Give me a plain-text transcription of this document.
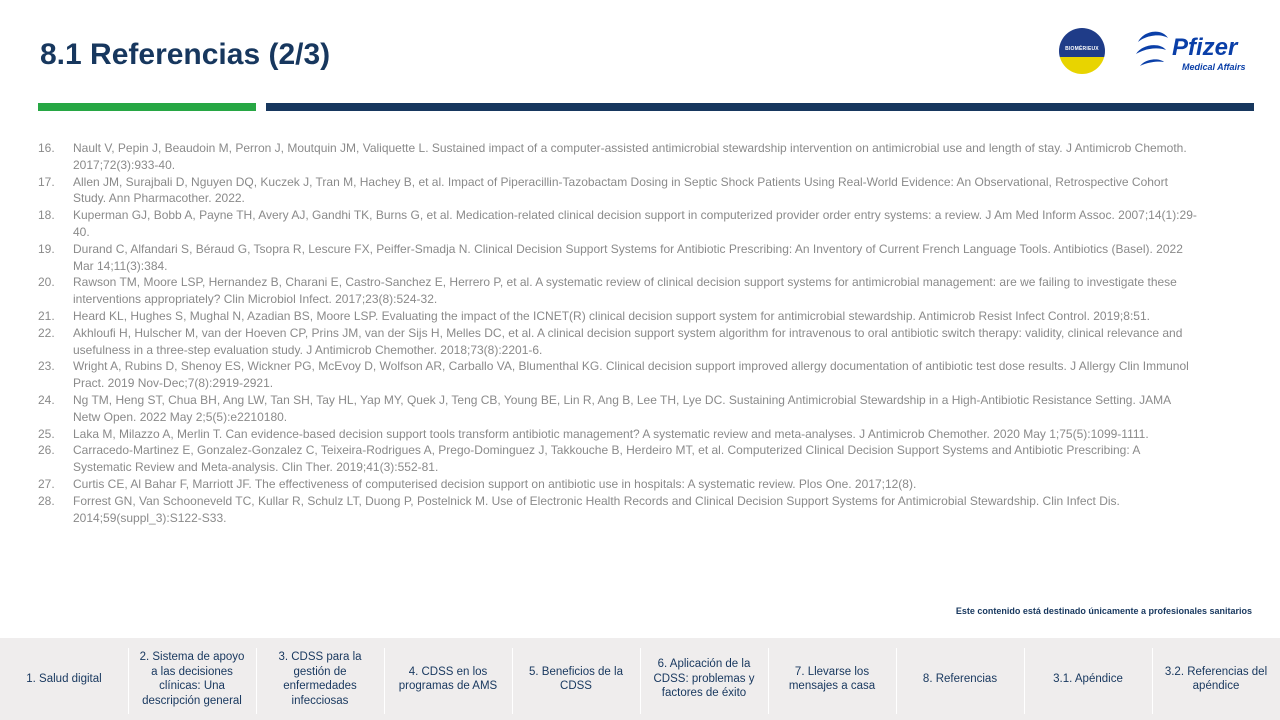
8.1 Referencias (2/3)	BIOMÉRIEUX	Pfizer
Medical Affairs
16.	Nault V, Pepin J, Beaudoin M, Perron J, Moutquin JM, Valiquette L. Sustained impact of a computer-assisted antimicrobial stewardship intervention on antimicrobial use and length of stay. J Antimicrob Chemoth. 2017;72(3):933-40.
17.	Allen JM, Surajbali D, Nguyen DQ, Kuczek J, Tran M, Hachey B, et al. Impact of Piperacillin-Tazobactam Dosing in Septic Shock Patients Using Real-World Evidence: An Observational, Retrospective Cohort Study. Ann Pharmacother. 2022.
18.	Kuperman GJ, Bobb A, Payne TH, Avery AJ, Gandhi TK, Burns G, et al. Medication-related clinical decision support in computerized provider order entry systems: a review. J Am Med Inform Assoc. 2007;14(1):29-40.
19.	Durand C, Alfandari S, Béraud G, Tsopra R, Lescure FX, Peiffer-Smadja N. Clinical Decision Support Systems for Antibiotic Prescribing: An Inventory of Current French Language Tools. Antibiotics (Basel). 2022 Mar 14;11(3):384.
20.	Rawson TM, Moore LSP, Hernandez B, Charani E, Castro-Sanchez E, Herrero P, et al. A systematic review of clinical decision support systems for antimicrobial management: are we failing to investigate these interventions appropriately? Clin Microbiol Infect. 2017;23(8):524-32.
21.	Heard KL, Hughes S, Mughal N, Azadian BS, Moore LSP. Evaluating the impact of the ICNET(R) clinical decision support system for antimicrobial stewardship. Antimicrob Resist Infect Control. 2019;8:51.
22.	Akhloufi H, Hulscher M, van der Hoeven CP, Prins JM, van der Sijs H, Melles DC, et al. A clinical decision support system algorithm for intravenous to oral antibiotic switch therapy: validity, clinical relevance and usefulness in a three-step evaluation study. J Antimicrob Chemother. 2018;73(8):2201-6.
23.	Wright A, Rubins D, Shenoy ES, Wickner PG, McEvoy D, Wolfson AR, Carballo VA, Blumenthal KG. Clinical decision support improved allergy documentation of antibiotic test dose results. J Allergy Clin Immunol Pract. 2019 Nov-Dec;7(8):2919-2921.
24.	Ng TM, Heng ST, Chua BH, Ang LW, Tan SH, Tay HL, Yap MY, Quek J, Teng CB, Young BE, Lin R, Ang B, Lee TH, Lye DC. Sustaining Antimicrobial Stewardship in a High-Antibiotic Resistance Setting. JAMA Netw Open. 2022 May 2;5(5):e2210180.
25.	Laka M, Milazzo A, Merlin T. Can evidence-based decision support tools transform antibiotic management? A systematic review and meta-analyses. J Antimicrob Chemother. 2020 May 1;75(5):1099-1111.
26.	Carracedo-Martinez E, Gonzalez-Gonzalez C, Teixeira-Rodrigues A, Prego-Dominguez J, Takkouche B, Herdeiro MT, et al. Computerized Clinical Decision Support Systems and Antibiotic Prescribing: A Systematic Review and Meta-analysis. Clin Ther. 2019;41(3):552-81.
27.	Curtis CE, Al Bahar F, Marriott JF. The effectiveness of computerised decision support on antibiotic use in hospitals: A systematic review. Plos One. 2017;12(8).
28.	Forrest GN, Van Schooneveld TC, Kullar R, Schulz LT, Duong P, Postelnick M. Use of Electronic Health Records and Clinical Decision Support Systems for Antimicrobial Stewardship. Clin Infect Dis. 2014;59(suppl_3):S122-S33.
Este contenido está destinado únicamente a profesionales sanitarios
1. Salud digital
2. Sistema de apoyo a las decisiones clínicas: Una descripción general
3. CDSS para la gestión de enfermedades infecciosas
4. CDSS en los programas de AMS
5. Beneficios de la CDSS
6. Aplicación de la CDSS: problemas y factores de éxito
7. Llevarse los mensajes a casa
8. Referencias	3.1. Apéndice
3.2. Referencias del apéndice
